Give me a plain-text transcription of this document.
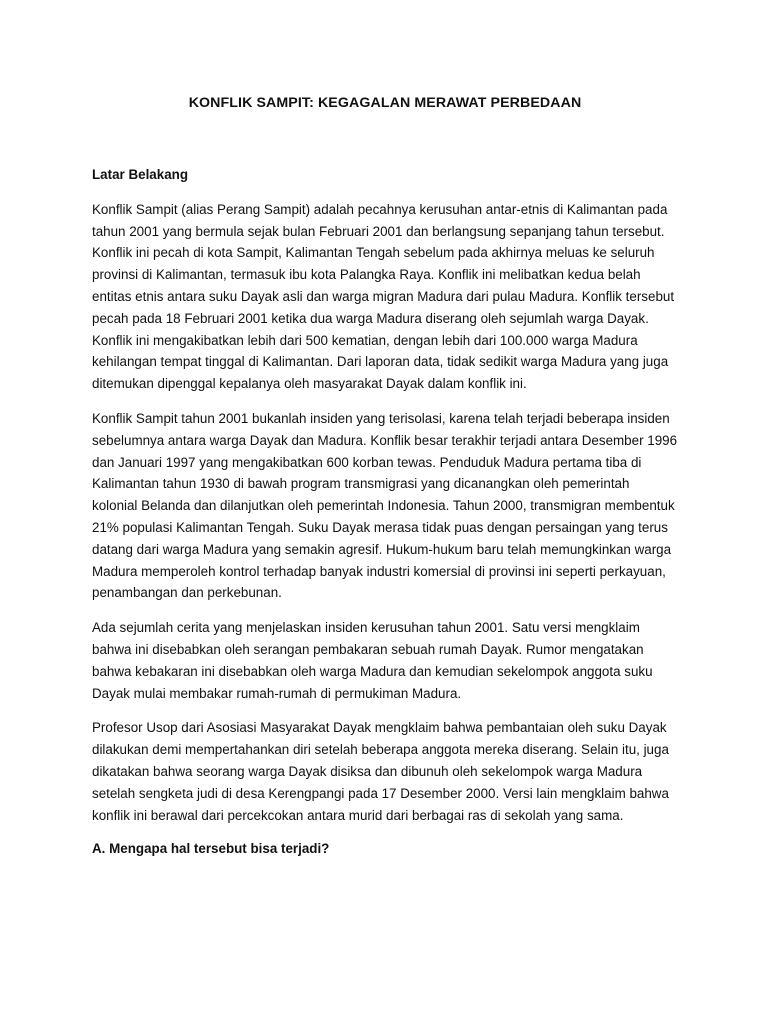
KONFLIK SAMPIT: KEGAGALAN MERAWAT PERBEDAAN
Latar Belakang

Konflik Sampit (alias Perang Sampit) adalah pecahnya kerusuhan antar-etnis di Kalimantan pada tahun 2001 yang bermula sejak bulan Februari 2001 dan berlangsung sepanjang tahun tersebut. Konflik ini pecah di kota Sampit, Kalimantan Tengah sebelum pada akhirnya meluas ke seluruh provinsi di Kalimantan, termasuk ibu kota Palangka Raya. Konflik ini melibatkan kedua belah entitas etnis antara suku Dayak asli dan warga migran Madura dari pulau Madura. Konflik tersebut pecah pada 18 Februari 2001 ketika dua warga Madura diserang oleh sejumlah warga Dayak. Konflik ini mengakibatkan lebih dari 500 kematian, dengan lebih dari 100.000 warga Madura kehilangan tempat tinggal di Kalimantan. Dari laporan data, tidak sedikit warga Madura yang juga ditemukan dipenggal kepalanya oleh masyarakat Dayak dalam konflik ini.

Konflik Sampit tahun 2001 bukanlah insiden yang terisolasi, karena telah terjadi beberapa insiden sebelumnya antara warga Dayak dan Madura. Konflik besar terakhir terjadi antara Desember 1996 dan Januari 1997 yang mengakibatkan 600 korban tewas. Penduduk Madura pertama tiba di Kalimantan tahun 1930 di bawah program transmigrasi yang dicanangkan oleh pemerintah kolonial Belanda dan dilanjutkan oleh pemerintah Indonesia. Tahun 2000, transmigran membentuk 21% populasi Kalimantan Tengah. Suku Dayak merasa tidak puas dengan persaingan yang terus datang dari warga Madura yang semakin agresif. Hukum-hukum baru telah memungkinkan warga Madura memperoleh kontrol terhadap banyak industri komersial di provinsi ini seperti perkayuan, penambangan dan perkebunan.

Ada sejumlah cerita yang menjelaskan insiden kerusuhan tahun 2001. Satu versi mengklaim bahwa ini disebabkan oleh serangan pembakaran sebuah rumah Dayak. Rumor mengatakan bahwa kebakaran ini disebabkan oleh warga Madura dan kemudian sekelompok anggota suku Dayak mulai membakar rumah-rumah di permukiman Madura.

Profesor Usop dari Asosiasi Masyarakat Dayak mengklaim bahwa pembantaian oleh suku Dayak dilakukan demi mempertahankan diri setelah beberapa anggota mereka diserang. Selain itu, juga dikatakan bahwa seorang warga Dayak disiksa dan dibunuh oleh sekelompok warga Madura setelah sengketa judi di desa Kerengpangi pada 17 Desember 2000. Versi lain mengklaim bahwa konflik ini berawal dari percekcokan antara murid dari berbagai ras di sekolah yang sama.

A. Mengapa hal tersebut bisa terjadi?
